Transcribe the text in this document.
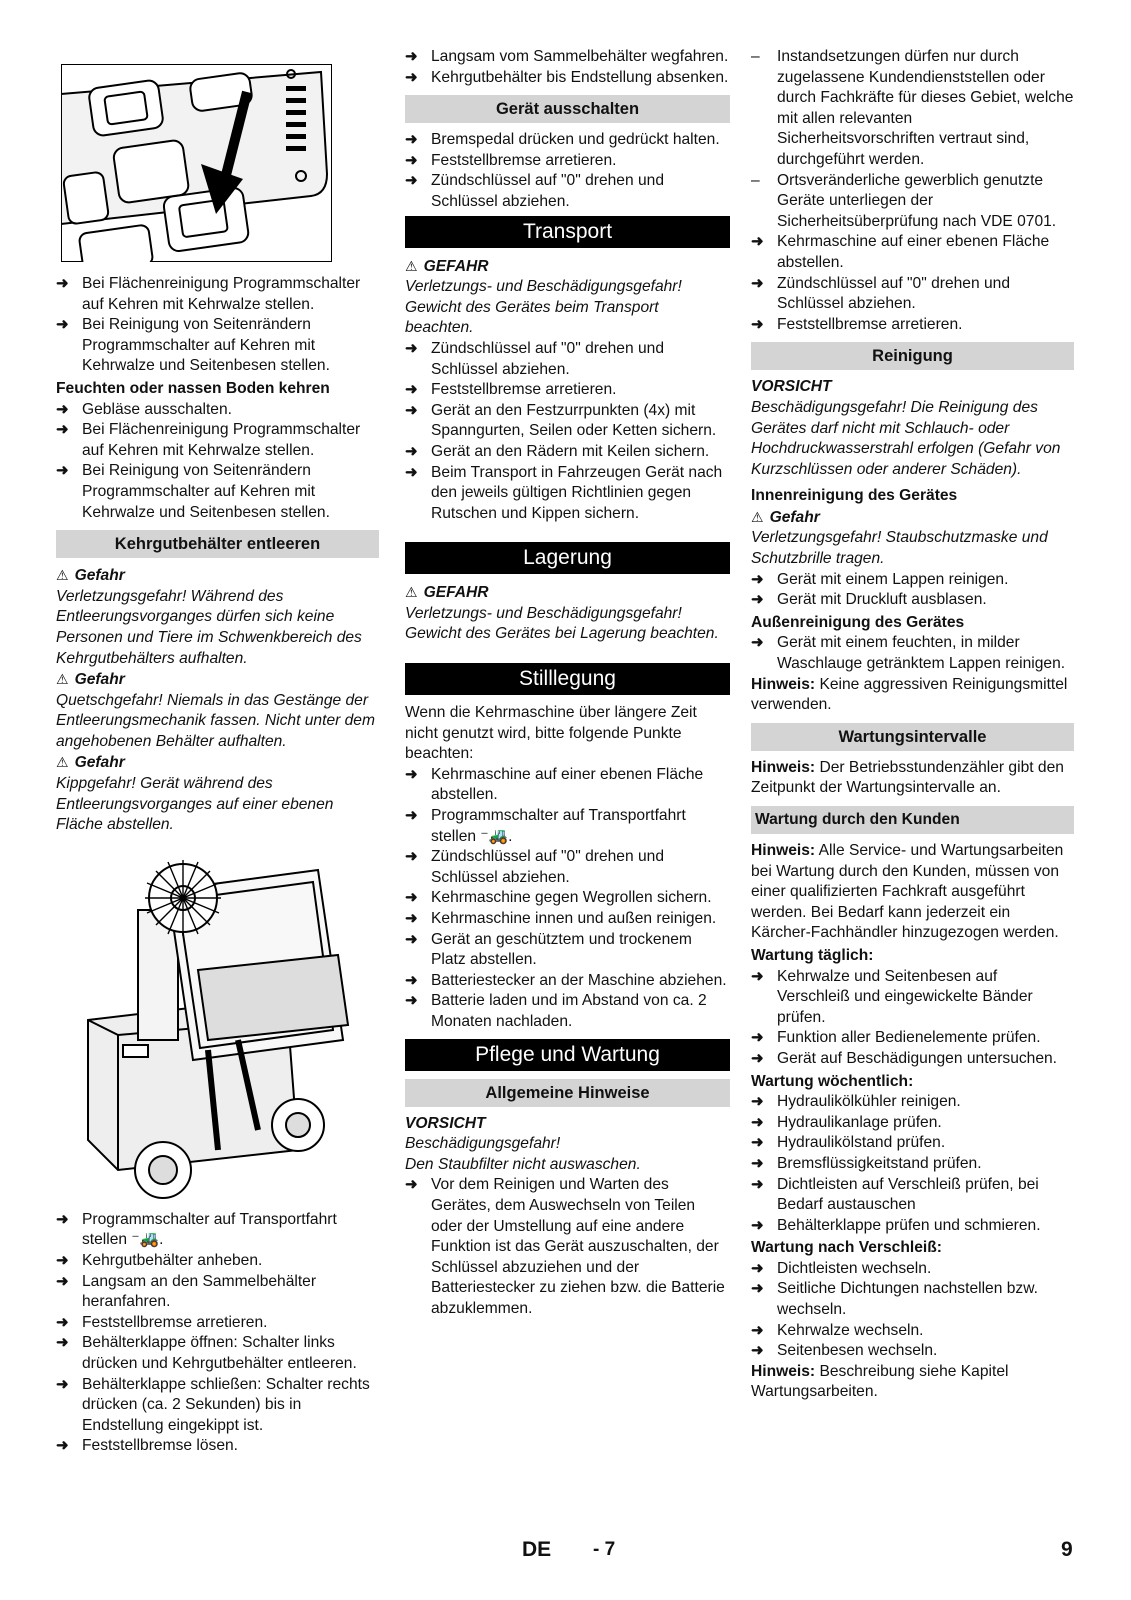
➜ Bei Flächenreinigung Programmschalter auf Kehren mit Kehrwalze stellen.

➜ Bei Reinigung von Seitenrändern Programmschalter auf Kehren mit Kehrwalze und Seitenbesen stellen.

Feuchten oder nassen Boden kehren

➜ Gebläse ausschalten.

➜ Bei Flächenreinigung Programmschalter auf Kehren mit Kehrwalze stellen.

➜ Bei Reinigung von Seitenrändern Programmschalter auf Kehren mit Kehrwalze und Seitenbesen stellen.

Kehrgutbehälter entleeren

⚠ Gefahr

Verletzungsgefahr! Während des Entleerungsvorganges dürfen sich keine Personen und Tiere im Schwenkbereich des Kehrgutbehälters aufhalten.

⚠ Gefahr

Quetschgefahr! Niemals in das Gestänge der Entleerungsmechanik fassen. Nicht unter dem angehobenen Behälter aufhalten.

⚠ Gefahr

Kippgefahr! Gerät während des Entleerungsvorganges auf einer ebenen Fläche abstellen.

➜ Programmschalter auf Transportfahrt stellen ⁻🚜.

➜ Kehrgutbehälter anheben.

➜ Langsam an den Sammelbehälter heranfahren.

➜ Feststellbremse arretieren.

➜ Behälterklappe öffnen: Schalter links drücken und Kehrgutbehälter entleeren.

➜ Behälterklappe schließen: Schalter rechts drücken (ca. 2 Sekunden) bis in Endstellung eingekippt ist.

➜ Feststellbremse lösen.

➜ Langsam vom Sammelbehälter wegfahren.

➜ Kehrgutbehälter bis Endstellung absenken.

Gerät ausschalten

➜ Bremspedal drücken und gedrückt halten.

➜ Feststellbremse arretieren.

➜ Zündschlüssel auf "0" drehen und Schlüssel abziehen.

Transport

⚠ GEFAHR

Verletzungs- und Beschädigungsgefahr! Gewicht des Gerätes beim Transport beachten.

➜ Zündschlüssel auf "0" drehen und Schlüssel abziehen.

➜ Feststellbremse arretieren.

➜ Gerät an den Festzurrpunkten (4x) mit Spanngurten, Seilen oder Ketten sichern.

➜ Gerät an den Rädern mit Keilen sichern.

➜ Beim Transport in Fahrzeugen Gerät nach den jeweils gültigen Richtlinien gegen Rutschen und Kippen sichern.

Lagerung

⚠ GEFAHR

Verletzungs- und Beschädigungsgefahr! Gewicht des Gerätes bei Lagerung beachten.

Stilllegung

Wenn die Kehrmaschine über längere Zeit nicht genutzt wird, bitte folgende Punkte beachten:

➜ Kehrmaschine auf einer ebenen Fläche abstellen.

➜ Programmschalter auf Transportfahrt stellen ⁻🚜.

➜ Zündschlüssel auf "0" drehen und Schlüssel abziehen.

➜ Kehrmaschine gegen Wegrollen sichern.

➜ Kehrmaschine innen und außen reinigen.

➜ Gerät an geschütztem und trockenem Platz abstellen.

➜ Batteriestecker an der Maschine abziehen.

➜ Batterie laden und im Abstand von ca. 2 Monaten nachladen.

Pflege und Wartung

Allgemeine Hinweise

VORSICHT

Beschädigungsgefahr!
Den Staubfilter nicht auswaschen.

➜ Vor dem Reinigen und Warten des Gerätes, dem Auswechseln von Teilen oder der Umstellung auf eine andere Funktion ist das Gerät auszuschalten, der Schlüssel abzuziehen und der Batteriestecker zu ziehen bzw. die Batterie abzuklemmen.

– Instandsetzungen dürfen nur durch zugelassene Kundendienststellen oder durch Fachkräfte für dieses Gebiet, welche mit allen relevanten Sicherheitsvorschriften vertraut sind, durchgeführt werden.

– Ortsveränderliche gewerblich genutzte Geräte unterliegen der Sicherheitsüberprüfung nach VDE 0701.

➜ Kehrmaschine auf einer ebenen Fläche abstellen.

➜ Zündschlüssel auf "0" drehen und Schlüssel abziehen.

➜ Feststellbremse arretieren.

Reinigung

VORSICHT

Beschädigungsgefahr! Die Reinigung des Gerätes darf nicht mit Schlauch- oder Hochdruckwasserstrahl erfolgen (Gefahr von Kurzschlüssen oder anderer Schäden).

Innenreinigung des Gerätes

⚠ Gefahr

Verletzungsgefahr! Staubschutzmaske und Schutzbrille tragen.

➜ Gerät mit einem Lappen reinigen.

➜ Gerät mit Druckluft ausblasen.

Außenreinigung des Gerätes

➜ Gerät mit einem feuchten, in milder Waschlauge getränktem Lappen reinigen.

Hinweis: Keine aggressiven Reinigungsmittel verwenden.

Wartungsintervalle

Hinweis: Der Betriebsstundenzähler gibt den Zeitpunkt der Wartungsintervalle an.

Wartung durch den Kunden

Hinweis: Alle Service- und Wartungsarbeiten bei Wartung durch den Kunden, müssen von einer qualifizierten Fachkraft ausgeführt werden. Bei Bedarf kann jederzeit ein Kärcher-Fachhändler hinzugezogen werden.

Wartung täglich:

➜ Kehrwalze und Seitenbesen auf Verschleiß und eingewickelte Bänder prüfen.

➜ Funktion aller Bedienelemente prüfen.

➜ Gerät auf Beschädigungen untersuchen.

Wartung wöchentlich:

➜ Hydraulikölkühler reinigen.

➜ Hydraulikanlage prüfen.

➜ Hydraulikölstand prüfen.

➜ Bremsflüssigkeitstand prüfen.

➜ Dichtleisten auf Verschleiß prüfen, bei Bedarf austauschen

➜ Behälterklappe prüfen und schmieren.

Wartung nach Verschleiß:

➜ Dichtleisten wechseln.

➜ Seitliche Dichtungen nachstellen bzw. wechseln.

➜ Kehrwalze wechseln.

➜ Seitenbesen wechseln.

Hinweis: Beschreibung siehe Kapitel Wartungsarbeiten.

DE - 7	9
